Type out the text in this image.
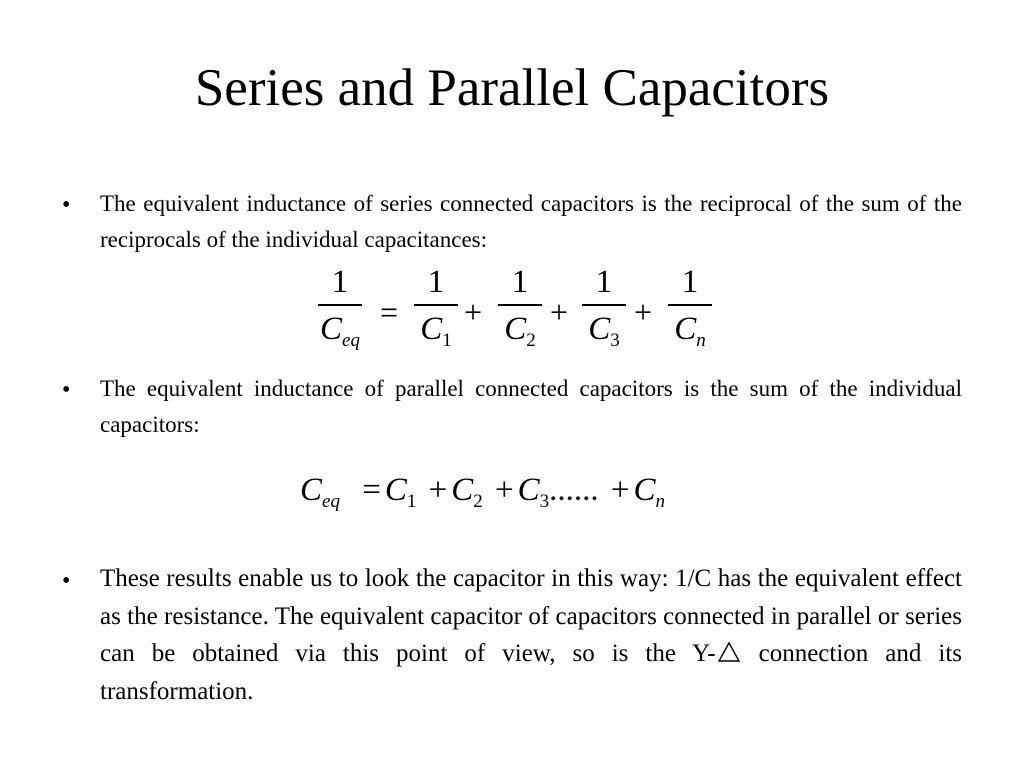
Series and Parallel Capacitors
• The equivalent inductance of series connected capacitors is the reciprocal of the sum of the reciprocals of the individual capacitances:
1
$C_{eq}$
=
1
$C_1$
+
1
$C_2$
+
1
$C_3$
+
1
$C_n$
• The equivalent inductance of parallel connected capacitors is the sum of the individual capacitors:
$C_{eq} = C_1 + C_2 + C_3$...... + $C_n$
• These results enable us to look the capacitor in this way: 1/C has the equivalent effect as the resistance. The equivalent capacitor of capacitors connected in parallel or series can be obtained via this point of view, so is the Y- connection and its transformation.
